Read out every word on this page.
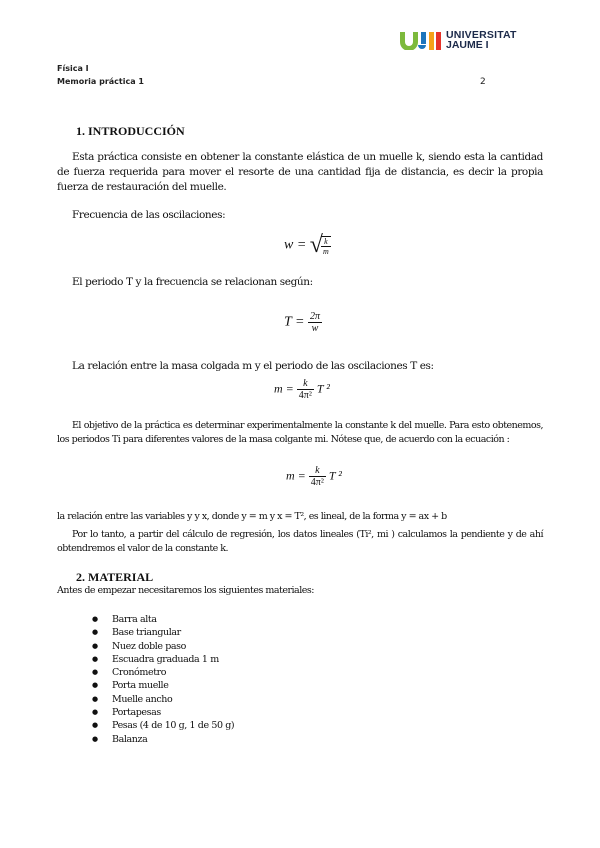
UNIVERSITAT
JAUME I
Física I
Memoria práctica 1	2
1. INTRODUCCIÓN
Esta práctica consiste en obtener la constante elástica de un muelle k, siendo esta la cantidad de fuerza requerida para mover el resorte de una cantidad fija de distancia, es decir la propia fuerza de restauración del muelle.
Frecuencia de las oscilaciones:
w = √
$\frac{k}{m}$
El periodo T y la frecuencia se relacionan según:
$T = \frac{2\pi}{w}$
La relación entre la masa colgada m y el periodo de las oscilaciones T es:
$m = \frac{k}{\text{4π²}}$ T ²
El objetivo de la práctica es determinar experimentalmente la constante k del muelle. Para esto obtenemos, los periodos Ti para diferentes valores de la masa colgante mi. Nótese que, de acuerdo con la ecuación :
$m = \frac{k}{\text{4π²}}$ T ²
la relación entre las variables y y x, donde y = m y x = T², es lineal, de la forma y = ax + b
Por lo tanto, a partir del cálculo de regresión, los datos lineales (Ti², mi ) calculamos la pendiente y de ahí obtendremos el valor de la constante k.
2. MATERIAL
Antes de empezar necesitaremos los siguientes materiales:
● Barra alta
● Base triangular
● Nuez doble paso
● Escuadra graduada 1 m
● Cronómetro
● Porta muelle
● Muelle ancho
● Portapesas
● Pesas (4 de 10 g, 1 de 50 g)
● Balanza
